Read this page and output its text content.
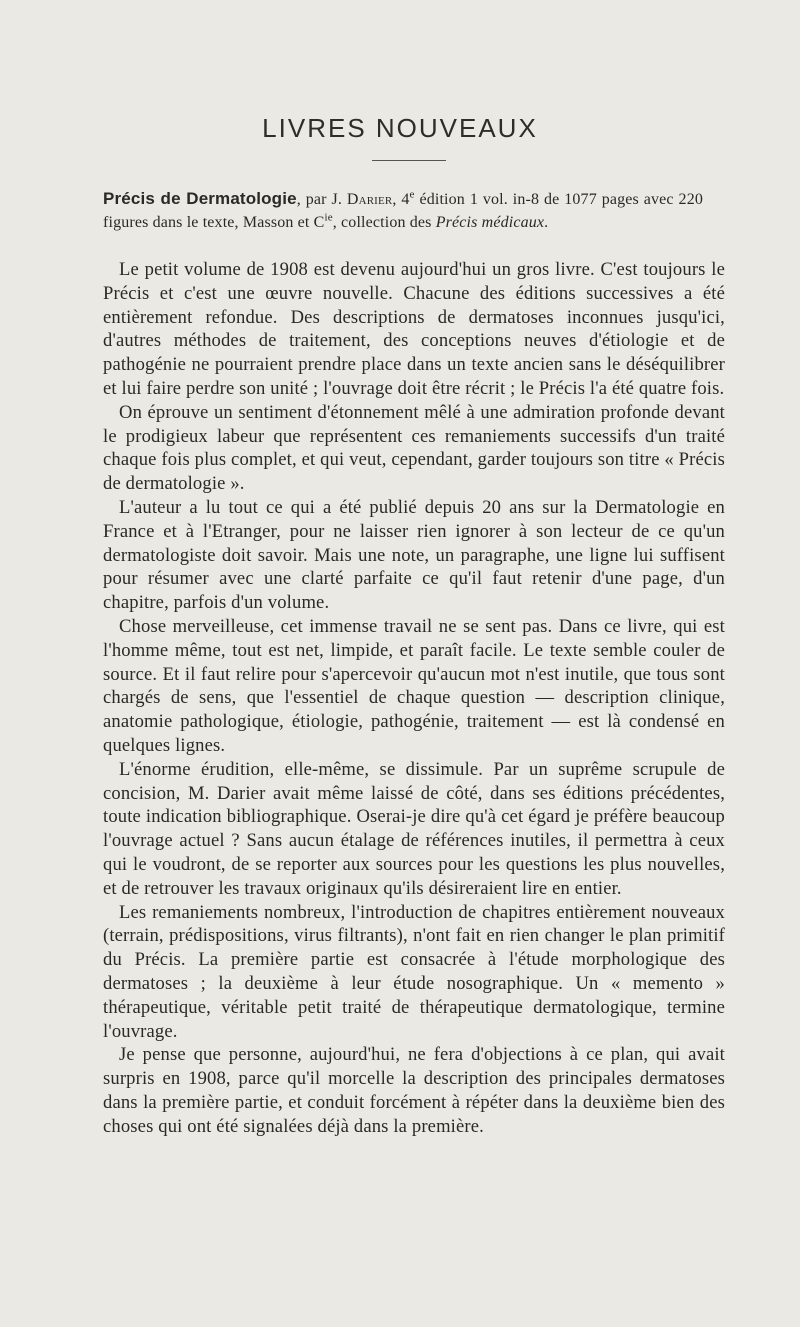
LIVRES NOUVEAUX
Précis de Dermatologie, par J. Darier, 4e édition 1 vol. in-8 de 1077 pages avec 220 figures dans le texte, Masson et $C^{ie}$, collection des Précis médicaux.

Le petit volume de 1908 est devenu aujourd'hui un gros livre. C'est toujours le Précis et c'est une œuvre nouvelle. Chacune des éditions successives a été entièrement refondue. Des descriptions de dermatoses inconnues jusqu'ici, d'autres méthodes de traitement, des conceptions neuves d'étiologie et de pathogénie ne pourraient prendre place dans un texte ancien sans le déséquilibrer et lui faire perdre son unité ; l'ouvrage doit être récrit ; le Précis l'a été quatre fois.

On éprouve un sentiment d'étonnement mêlé à une admiration profonde devant le prodigieux labeur que représentent ces remaniements successifs d'un traité chaque fois plus complet, et qui veut, cependant, garder toujours son titre « Précis de dermatologie ».

L'auteur a lu tout ce qui a été publié depuis 20 ans sur la Dermatologie en France et à l'Etranger, pour ne laisser rien ignorer à son lecteur de ce qu'un dermatologiste doit savoir. Mais une note, un paragraphe, une ligne lui suffisent pour résumer avec une clarté parfaite ce qu'il faut retenir d'une page, d'un chapitre, parfois d'un volume.

Chose merveilleuse, cet immense travail ne se sent pas. Dans ce livre, qui est l'homme même, tout est net, limpide, et paraît facile. Le texte semble couler de source. Et il faut relire pour s'apercevoir qu'aucun mot n'est inutile, que tous sont chargés de sens, que l'essentiel de chaque question — description clinique, anatomie pathologique, étiologie, pathogénie, traitement — est là condensé en quelques lignes.

L'énorme érudition, elle-même, se dissimule. Par un suprême scrupule de concision, M. Darier avait même laissé de côté, dans ses éditions précédentes, toute indication bibliographique. Oserai-je dire qu'à cet égard je préfère beaucoup l'ouvrage actuel ? Sans aucun étalage de références inutiles, il permettra à ceux qui le voudront, de se reporter aux sources pour les questions les plus nouvelles, et de retrouver les travaux originaux qu'ils désireraient lire en entier.

Les remaniements nombreux, l'introduction de chapitres entièrement nouveaux (terrain, prédispositions, virus filtrants), n'ont fait en rien changer le plan primitif du Précis. La première partie est consacrée à l'étude morphologique des dermatoses ; la deuxième à leur étude nosographique. Un « memento » thérapeutique, véritable petit traité de thérapeutique dermatologique, termine l'ouvrage.

Je pense que personne, aujourd'hui, ne fera d'objections à ce plan, qui avait surpris en 1908, parce qu'il morcelle la description des principales dermatoses dans la première partie, et conduit forcément à répéter dans la deuxième bien des choses qui ont été signalées déjà dans la première.
